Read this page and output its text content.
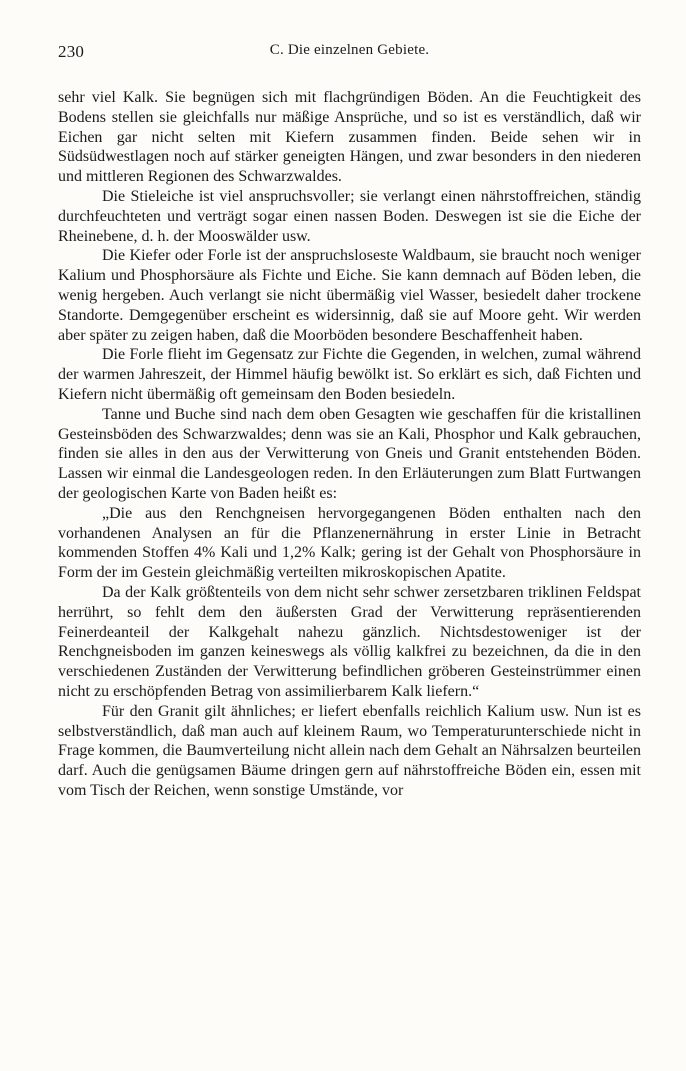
230	C. Die einzelnen Gebiete.

sehr viel Kalk. Sie begnügen sich mit flachgründigen Böden. An die Feuchtigkeit des Bodens stellen sie gleichfalls nur mäßige Ansprüche, und so ist es verständlich, daß wir Eichen gar nicht selten mit Kiefern zusammen finden. Beide sehen wir in Südsüdwestlagen noch auf stärker geneigten Hängen, und zwar besonders in den niederen und mittleren Regionen des Schwarzwaldes.

Die Stieleiche ist viel anspruchsvoller; sie verlangt einen nährstoffreichen, ständig durchfeuchteten und verträgt sogar einen nassen Boden. Deswegen ist sie die Eiche der Rheinebene, d. h. der Mooswälder usw.

Die Kiefer oder Forle ist der anspruchsloseste Waldbaum, sie braucht noch weniger Kalium und Phosphorsäure als Fichte und Eiche. Sie kann demnach auf Böden leben, die wenig hergeben. Auch verlangt sie nicht übermäßig viel Wasser, besiedelt daher trockene Standorte. Demgegenüber erscheint es widersinnig, daß sie auf Moore geht. Wir werden aber später zu zeigen haben, daß die Moorböden besondere Beschaffenheit haben.

Die Forle flieht im Gegensatz zur Fichte die Gegenden, in welchen, zumal während der warmen Jahreszeit, der Himmel häufig bewölkt ist. So erklärt es sich, daß Fichten und Kiefern nicht übermäßig oft gemeinsam den Boden besiedeln.

Tanne und Buche sind nach dem oben Gesagten wie geschaffen für die kristallinen Gesteinsböden des Schwarzwaldes; denn was sie an Kali, Phosphor und Kalk gebrauchen, finden sie alles in den aus der Verwitterung von Gneis und Granit entstehenden Böden. Lassen wir einmal die Landesgeologen reden. In den Erläuterungen zum Blatt Furtwangen der geologischen Karte von Baden heißt es:

„Die aus den Renchgneisen hervorgegangenen Böden enthalten nach den vorhandenen Analysen an für die Pflanzenernährung in erster Linie in Betracht kommenden Stoffen 4% Kali und 1,2% Kalk; gering ist der Gehalt von Phosphorsäure in Form der im Gestein gleichmäßig verteilten mikroskopischen Apatite.

Da der Kalk größtenteils von dem nicht sehr schwer zersetzbaren triklinen Feldspat herrührt, so fehlt dem den äußersten Grad der Verwitterung repräsentierenden Feinerdeanteil der Kalkgehalt nahezu gänzlich. Nichtsdestoweniger ist der Renchgneisboden im ganzen keineswegs als völlig kalkfrei zu bezeichnen, da die in den verschiedenen Zuständen der Verwitterung befindlichen gröberen Gesteinstrümmer einen nicht zu erschöpfenden Betrag von assimilierbarem Kalk liefern.“

Für den Granit gilt ähnliches; er liefert ebenfalls reichlich Kalium usw. Nun ist es selbstverständlich, daß man auch auf kleinem Raum, wo Temperaturunterschiede nicht in Frage kommen, die Baumverteilung nicht allein nach dem Gehalt an Nährsalzen beurteilen darf. Auch die genügsamen Bäume dringen gern auf nährstoffreiche Böden ein, essen mit vom Tisch der Reichen, wenn sonstige Umstände, vor
